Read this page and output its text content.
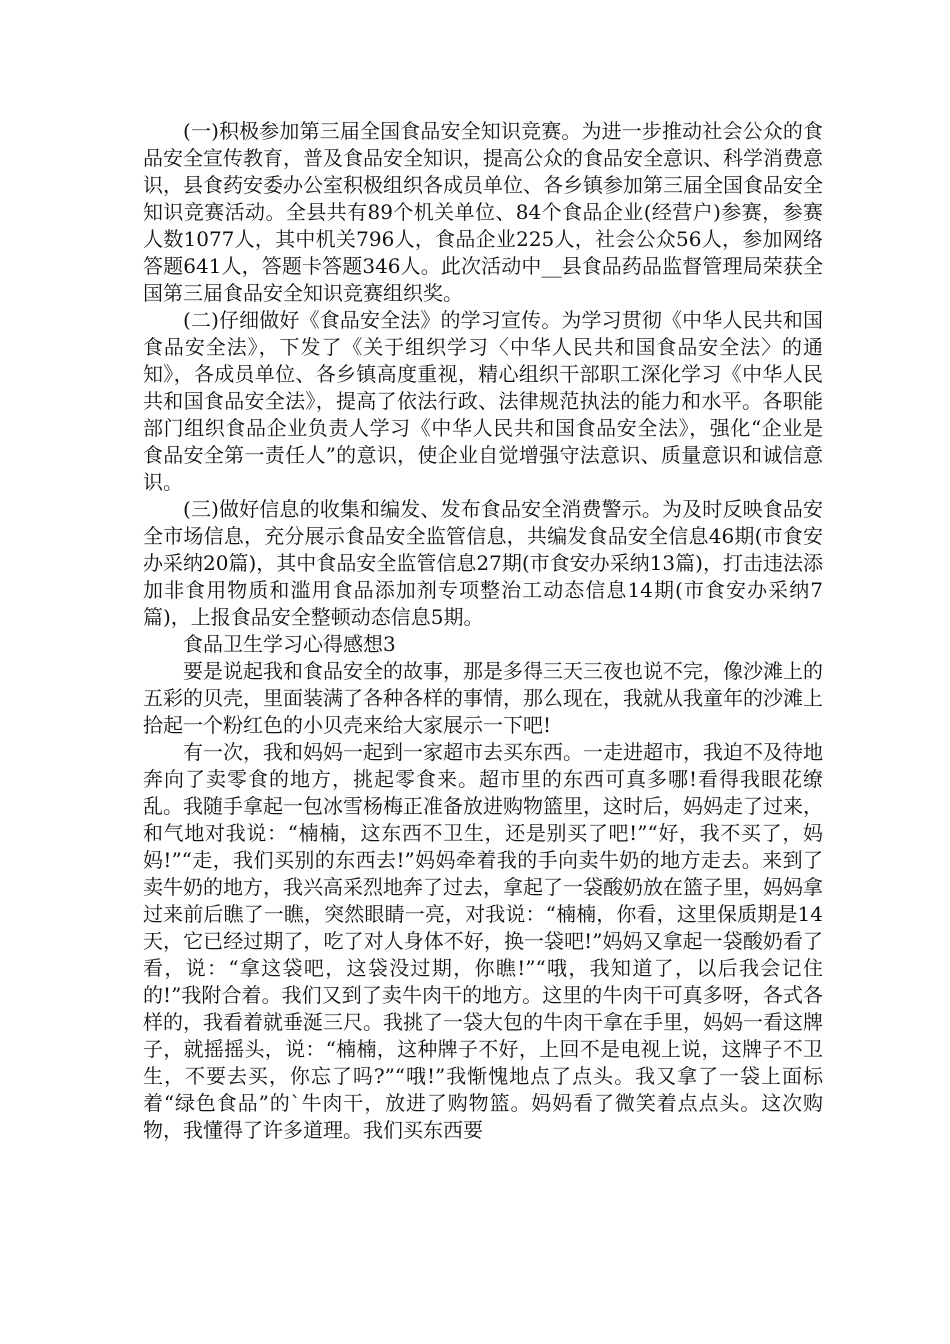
(一)积极参加第三届全国食品安全知识竞赛。为进一步推动社会公众的食品安全宣传教育，普及食品安全知识，提高公众的食品安全意识、科学消费意识，县食药安委办公室积极组织各成员单位、各乡镇参加第三届全国食品安全知识竞赛活动。全县共有89个机关单位、84个食品企业(经营户)参赛，参赛人数1077人，其中机关796人，食品企业225人，社会公众56人，参加网络答题641人，答题卡答题346人。此次活动中__县食品药品监督管理局荣获全国第三届食品安全知识竞赛组织奖。

(二)仔细做好《食品安全法》的学习宣传。为学习贯彻《中华人民共和国食品安全法》，下发了《关于组织学习〈中华人民共和国食品安全法〉的通知》，各成员单位、各乡镇高度重视，精心组织干部职工深化学习《中华人民共和国食品安全法》，提高了依法行政、法律规范执法的能力和水平。各职能部门组织食品企业负责人学习《中华人民共和国食品安全法》，强化“企业是食品安全第一责任人”的意识，使企业自觉增强守法意识、质量意识和诚信意识。

(三)做好信息的收集和编发、发布食品安全消费警示。为及时反映食品安全市场信息，充分展示食品安全监管信息，共编发食品安全信息46期(市食安办采纳20篇)，其中食品安全监管信息27期(市食安办采纳13篇)，打击违法添加非食用物质和滥用食品添加剂专项整治工动态信息14期(市食安办采纳7篇)，上报食品安全整顿动态信息5期。

食品卫生学习心得感想3

要是说起我和食品安全的故事，那是多得三天三夜也说不完，像沙滩上的五彩的贝壳，里面装满了各种各样的事情，那么现在，我就从我童年的沙滩上拾起一个粉红色的小贝壳来给大家展示一下吧!

有一次，我和妈妈一起到一家超市去买东西。一走进超市，我迫不及待地奔向了卖零食的地方，挑起零食来。超市里的东西可真多哪!看得我眼花缭乱。我随手拿起一包冰雪杨梅正准备放进购物篮里，这时后，妈妈走了过来，和气地对我说：“楠楠，这东西不卫生，还是别买了吧!”“好，我不买了，妈妈!”“走，我们买别的东西去!”妈妈牵着我的手向卖牛奶的地方走去。来到了卖牛奶的地方，我兴高采烈地奔了过去，拿起了一袋酸奶放在篮子里，妈妈拿过来前后瞧了一瞧，突然眼睛一亮，对我说：“楠楠，你看，这里保质期是14天，它已经过期了，吃了对人身体不好，换一袋吧!”妈妈又拿起一袋酸奶看了看，说：“拿这袋吧，这袋没过期，你瞧!”“哦，我知道了，以后我会记住的!”我附合着。我们又到了卖牛肉干的地方。这里的牛肉干可真多呀，各式各样的，我看着就垂涎三尺。我挑了一袋大包的牛肉干拿在手里，妈妈一看这牌子，就摇摇头，说：“楠楠，这种牌子不好，上回不是电视上说，这牌子不卫生，不要去买，你忘了吗?”“哦!”我惭愧地点了点头。我又拿了一袋上面标着“绿色食品”的`牛肉干，放进了购物篮。妈妈看了微笑着点点头。这次购物，我懂得了许多道理。我们买东西要
